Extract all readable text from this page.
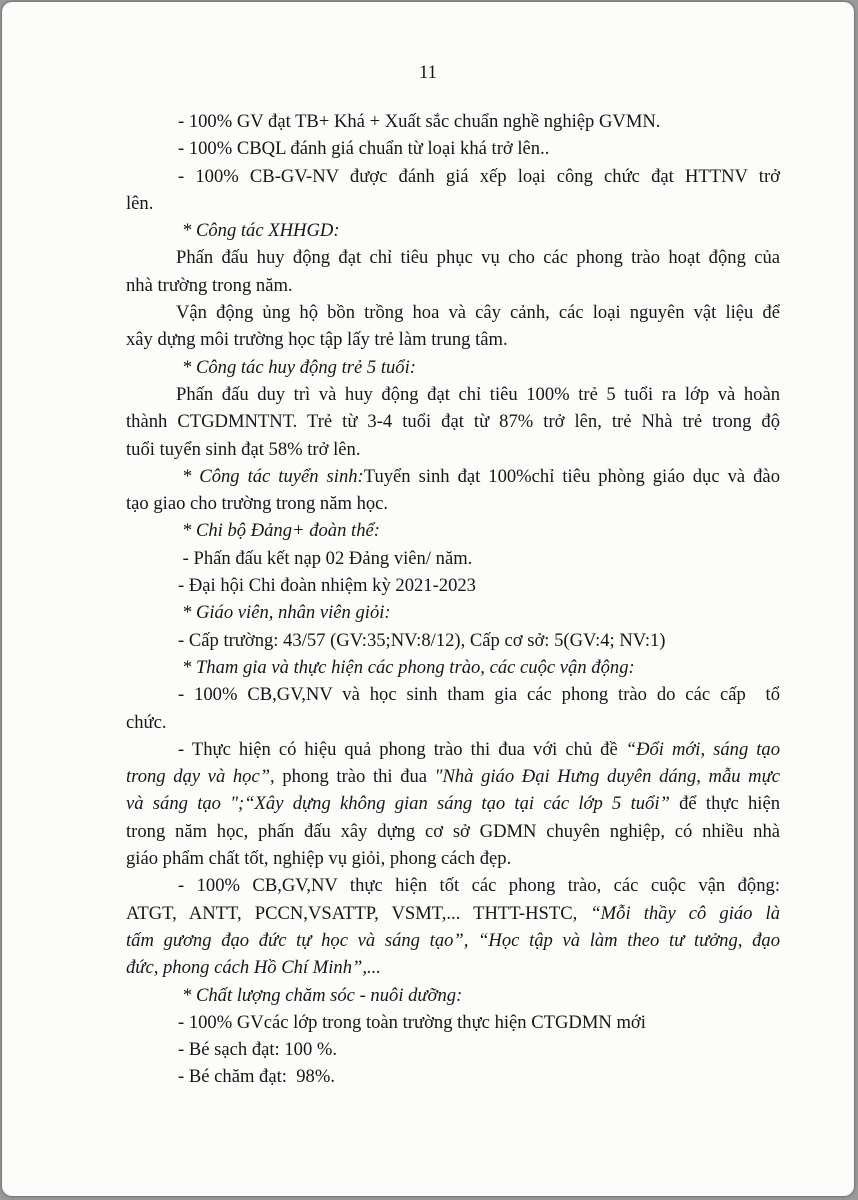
11
- 100% GV đạt TB+ Khá + Xuất sắc chuẩn nghề nghiệp GVMN.
- 100% CBQL đánh giá chuẩn từ loại khá trở lên..
- 100% CB-GV-NV được đánh giá xếp loại công chức đạt HTTNV trở
lên.
* Công tác XHHGD:
Phấn đấu huy động đạt chỉ tiêu phục vụ cho các phong trào hoạt động của
nhà trường trong năm.
Vận động ủng hộ bồn trồng hoa và cây cảnh, các loại nguyên vật liệu để
xây dựng môi trường học tập lấy trẻ làm trung tâm.
* Công tác huy động trẻ 5 tuổi:
Phấn đấu duy trì và huy động đạt chỉ tiêu 100% trẻ 5 tuổi ra lớp và hoàn
thành CTGDMNTNT. Trẻ từ 3-4 tuổi đạt từ 87% trở lên, trẻ Nhà trẻ trong độ
tuổi tuyển sinh đạt 58% trở lên.
* Công tác tuyển sinh:Tuyển sinh đạt 100%chỉ tiêu phòng giáo dục và đào
tạo giao cho trường trong năm học.
* Chi bộ Đảng+ đoàn thể:
- Phấn đấu kết nạp 02 Đảng viên/ năm.
- Đại hội Chi đoàn nhiệm kỳ 2021-2023
* Giáo viên, nhân viên giỏi:
- Cấp trường: 43/57 (GV:35;NV:8/12), Cấp cơ sở: 5(GV:4; NV:1)
* Tham gia và thực hiện các phong trào, các cuộc vận động:
- 100% CB,GV,NV và học sinh tham gia các phong trào do các cấp  tổ
chức.
- Thực hiện có hiệu quả phong trào thi đua với chủ đề “Đổi mới, sáng tạo
trong dạy và học”, phong trào thi đua "Nhà giáo Đại Hưng duyên dáng, mẫu mực
và sáng tạo ";“Xây dựng không gian sáng tạo tại các lớp 5 tuổi” để thực hiện
trong năm học, phấn đấu xây dựng cơ sở GDMN chuyên nghiệp, có nhiều nhà
giáo phẩm chất tốt, nghiệp vụ giỏi, phong cách đẹp.
- 100% CB,GV,NV thực hiện tốt các phong trào, các cuộc vận động:
ATGT, ANTT, PCCN,VSATTP, VSMT,... THTT-HSTC, “Mỗi thầy cô giáo là
tấm gương đạo đức tự học và sáng tạo”, “Học tập và làm theo tư tưởng, đạo
đức, phong cách Hồ Chí Minh”,...
* Chất lượng chăm sóc - nuôi dưỡng:
- 100% GVcác lớp trong toàn trường thực hiện CTGDMN mới
- Bé sạch đạt: 100 %.
- Bé chăm đạt:  98%.
